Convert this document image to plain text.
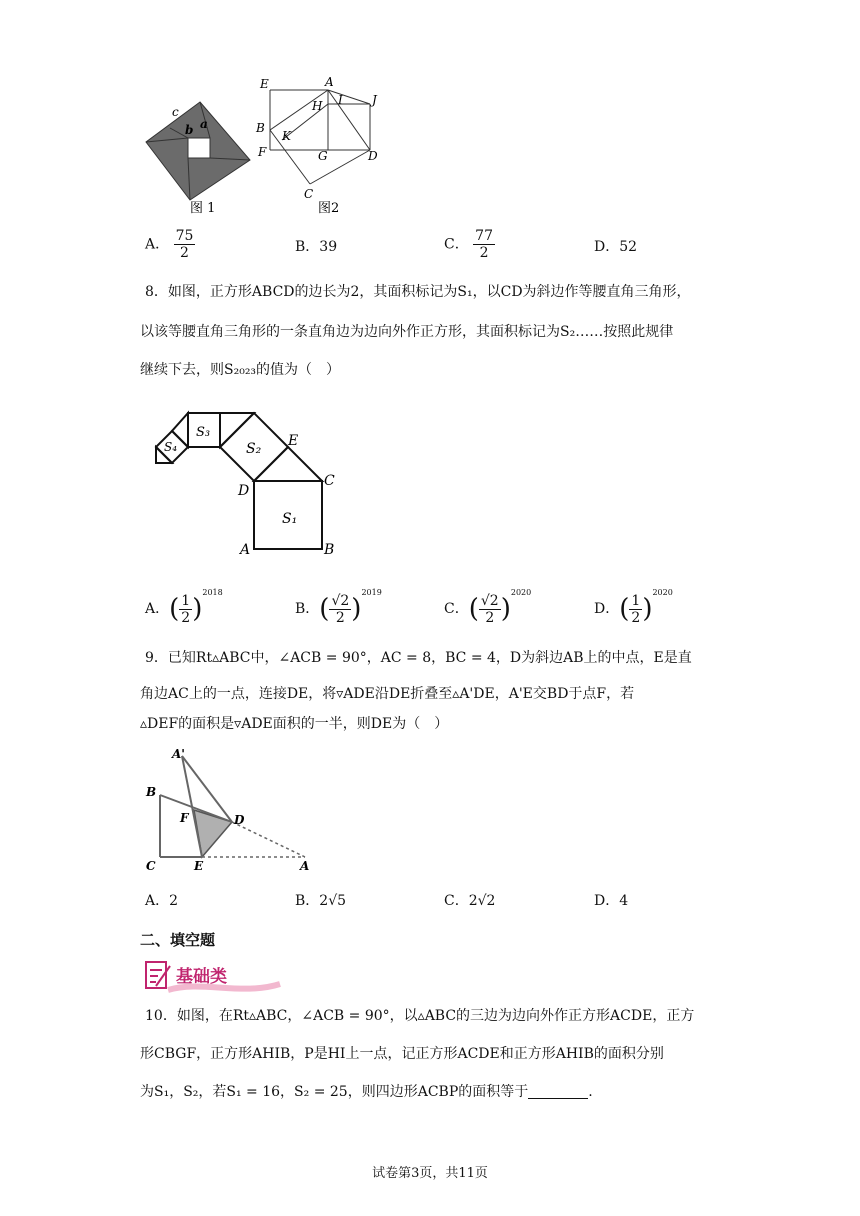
c
b a
图 1
E	A
J
H I
B
K
F	G	D
C
图2
A． $\frac{75}{2}$	B．39	C． $\frac{77}{2}$	D．52
8．如图，正方形ABCD的边长为2，其面积标记为S₁，以CD为斜边作等腰直角三角形，
以该等腰直角三角形的一条直角边为边向外作正方形，其面积标记为S₂……按照此规律
继续下去，则S₂₀₂₃的值为（　）
S₁
S₂
S₃
S₄
A	B
C
D
E
A．( $\frac{1}{2} )^{2018}$
B．( $\frac{√2}{2} )^{2019}$
C．( $\frac{√2}{2} )^{2020}$
D．( $\frac{1}{2} )^{2020}$
9．已知Rt▵ABC中，∠ACB = 90°，AC = 8，BC = 4，D为斜边AB上的中点，E是直
角边AC上的一点，连接DE，将▿ADE沿DE折叠至▵A'DE，A'E交BD于点F，若
▵DEF的面积是▿ADE面积的一半，则DE为（　）
A'
B
F	D
C	E	A
A．2	B．2√5	C．2√2	D．4
二、填空题
基础类
10．如图，在Rt▵ABC，∠ACB = 90°，以▵ABC的三边为边向外作正方形ACDE，正方
形CBGF，正方形AHIB，P是HI上一点，记正方形ACDE和正方形AHIB的面积分别
为S₁，S₂，若S₁ = 16，S₂ = 25，则四边形ACBP的面积等于	.
试卷第3页，共11页
